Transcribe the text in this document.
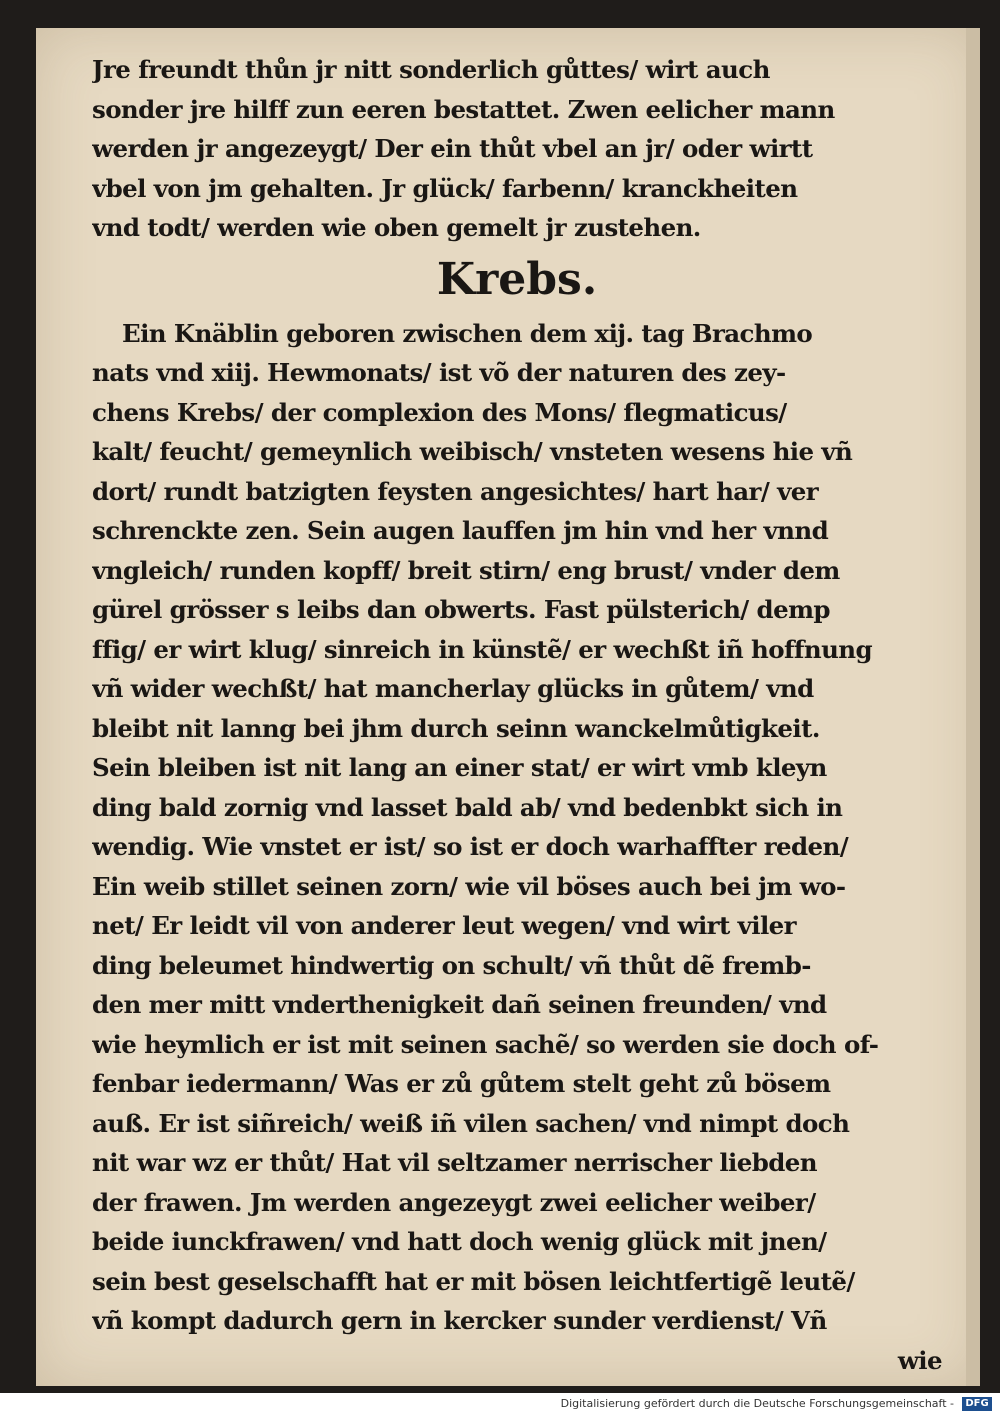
Jre freundt thůn jr nitt sonderlich gůttes/ wirt auch
sonder jre hilff zun eeren bestattet. Zwen eelicher mann
werden jr angezeygt/ Der ein thůt vbel an jr/ oder wirtt
vbel von jm gehalten. Jr glück/ farbenn/ kranckheiten
vnd todt/ werden wie oben gemelt jr zustehen.
Krebs.
Ein Knäblin geboren zwischen dem xij. tag Brachmo
nats vnd xiij. Hewmonats/ ist võ der naturen des zey-
chens Krebs/ der complexion des Mons/ flegmaticus/
kalt/ feucht/ gemeynlich weibisch/ vnsteten wesens hie vñ
dort/ rundt batzigten feysten angesichtes/ hart har/ ver
schrenckte zen. Sein augen lauffen jm hin vnd her vnnd
vngleich/ runden kopff/ breit stirn/ eng brust/ vnder dem
gürel grösser s leibs dan obwerts. Fast pülsterich/ demp
ffig/ er wirt klug/ sinreich in künstẽ/ er wechßt iñ hoffnung
vñ wider wechßt/ hat mancherlay glücks in gůtem/ vnd
bleibt nit lanng bei jhm durch seinn wanckelmůtigkeit.
Sein bleiben ist nit lang an einer stat/ er wirt vmb kleyn
ding bald zornig vnd lasset bald ab/ vnd bedenbkt sich in
wendig. Wie vnstet er ist/ so ist er doch warhaffter reden/
Ein weib stillet seinen zorn/ wie vil böses auch bei jm wo-
net/ Er leidt vil von anderer leut wegen/ vnd wirt viler
ding beleumet hindwertig on schult/ vñ thůt dẽ fremb-
den mer mitt vnderthenigkeit dañ seinen freunden/ vnd
wie heymlich er ist mit seinen sachẽ/ so werden sie doch of-
fenbar iedermann/ Was er zů gůtem stelt geht zů bösem
auß. Er ist siñreich/ weiß iñ vilen sachen/ vnd nimpt doch
nit war wz er thůt/ Hat vil seltzamer nerrischer liebden
der frawen. Jm werden angezeygt zwei eelicher weiber/
beide iunckfrawen/ vnd hatt doch wenig glück mit jnen/
sein best geselschafft hat er mit bösen leichtfertigẽ leutẽ/
vñ kompt dadurch gern in kercker sunder verdienst/ Vñ
wie
Digitalisierung gefördert durch die Deutsche Forschungsgemeinschaft -	DFG
